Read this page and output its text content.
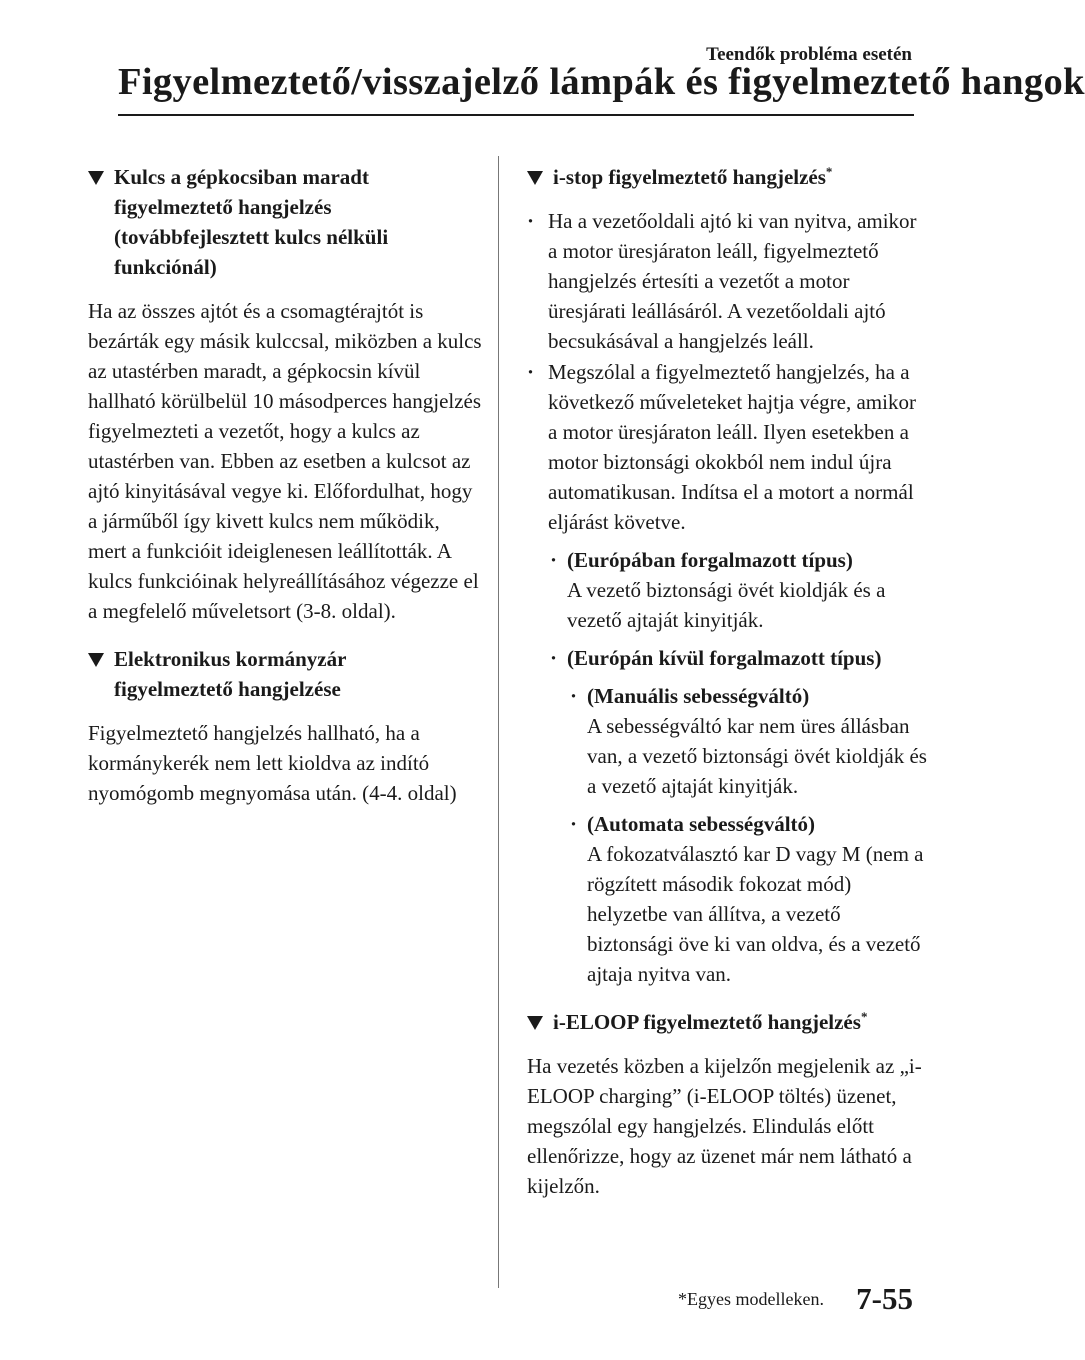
Teendők probléma esetén
Figyelmeztető/visszajelző lámpák és figyelmeztető hangok
Kulcs a gépkocsiban maradt
figyelmeztető hangjelzés
(továbbfejlesztett kulcs nélküli
funkciónál)

Ha az összes ajtót és a csomagtérajtót is bezárták egy másik kulccsal, miközben a kulcs az utastérben maradt, a gépkocsin kívül hallható körülbelül 10 másodperces hangjelzés figyelmezteti a vezetőt, hogy a kulcs az utastérben van. Ebben az esetben a kulcsot az ajtó kinyitásával vegye ki. Előfordulhat, hogy a járműből így kivett kulcs nem működik, mert a funkcióit ideiglenesen leállították. A kulcs funkcióinak helyreállításához végezze el a megfelelő műveletsort (3-8. oldal).

Elektronikus kormányzár
figyelmeztető hangjelzése

Figyelmeztető hangjelzés hallható, ha a kormánykerék nem lett kioldva az indító nyomógomb megnyomása után. (4-4. oldal)

i-stop figyelmeztető hangjelzés*
· Ha a vezetőoldali ajtó ki van nyitva, amikor a motor üresjáraton leáll, figyelmeztető hangjelzés értesíti a vezetőt a motor üresjárati leállásáról. A vezetőoldali ajtó becsukásával a hangjelzés leáll.
· Megszólal a figyelmeztető hangjelzés, ha a következő műveleteket hajtja végre, amikor a motor üresjáraton leáll. Ilyen esetekben a motor biztonsági okokból nem indul újra automatikusan. Indítsa el a motort a normál eljárást követve.
· (Európában forgalmazott típus)
A vezető biztonsági övét kioldják és a vezető ajtaját kinyitják.
· (Európán kívül forgalmazott típus)
· (Manuális sebességváltó)
A sebességváltó kar nem üres állásban van, a vezető biztonsági övét kioldják és a vezető ajtaját kinyitják.
· (Automata sebességváltó)
A fokozatválasztó kar D vagy M (nem a rögzített második fokozat mód) helyzetbe van állítva, a vezető biztonsági öve ki van oldva, és a vezető ajtaja nyitva van.
i-ELOOP figyelmeztető hangjelzés*

Ha vezetés közben a kijelzőn megjelenik az „i-ELOOP charging” (i-ELOOP töltés) üzenet, megszólal egy hangjelzés. Elindulás előtt ellenőrizze, hogy az üzenet már nem látható a kijelzőn.

*Egyes modelleken. 7-55
